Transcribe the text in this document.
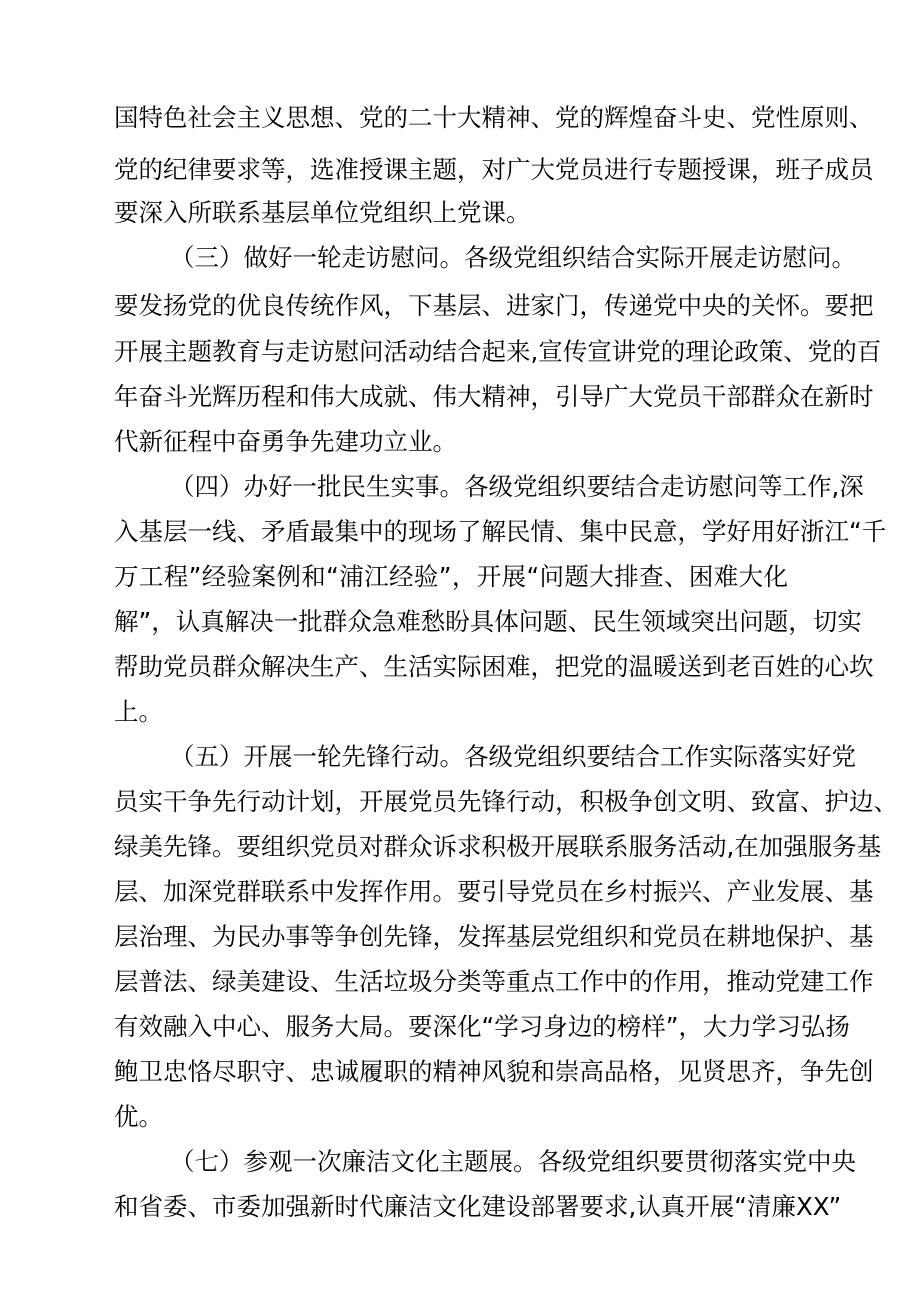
国特色社会主义思想、党的二十大精神、党的辉煌奋斗史、党性原则、
党的纪律要求等，选准授课主题，对广大党员进行专题授课，班子成员
要深入所联系基层单位党组织上党课。
（三）做好一轮走访慰问。各级党组织结合实际开展走访慰问。
要发扬党的优良传统作风，下基层、进家门，传递党中央的关怀。要把
开展主题教育与走访慰问活动结合起来,宣传宣讲党的理论政策、党的百
年奋斗光辉历程和伟大成就、伟大精神，引导广大党员干部群众在新时
代新征程中奋勇争先建功立业。
（四）办好一批民生实事。各级党组织要结合走访慰问等工作,深
入基层一线、矛盾最集中的现场了解民情、集中民意，学好用好浙江“千
万工程”经验案例和“浦江经验”，开展“问题大排查、困难大化
解”，认真解决一批群众急难愁盼具体问题、民生领域突出问题，切实
帮助党员群众解决生产、生活实际困难，把党的温暖送到老百姓的心坎
上。
（五）开展一轮先锋行动。各级党组织要结合工作实际落实好党
员实干争先行动计划，开展党员先锋行动，积极争创文明、致富、护边、
绿美先锋。要组织党员对群众诉求积极开展联系服务活动,在加强服务基
层、加深党群联系中发挥作用。要引导党员在乡村振兴、产业发展、基
层治理、为民办事等争创先锋，发挥基层党组织和党员在耕地保护、基
层普法、绿美建设、生活垃圾分类等重点工作中的作用，推动党建工作
有效融入中心、服务大局。要深化“学习身边的榜样”，大力学习弘扬
鲍卫忠恪尽职守、忠诚履职的精神风貌和崇高品格，见贤思齐，争先创
优。
（七）参观一次廉洁文化主题展。各级党组织要贯彻落实党中央
和省委、市委加强新时代廉洁文化建设部署要求,认真开展“清廉XX”
